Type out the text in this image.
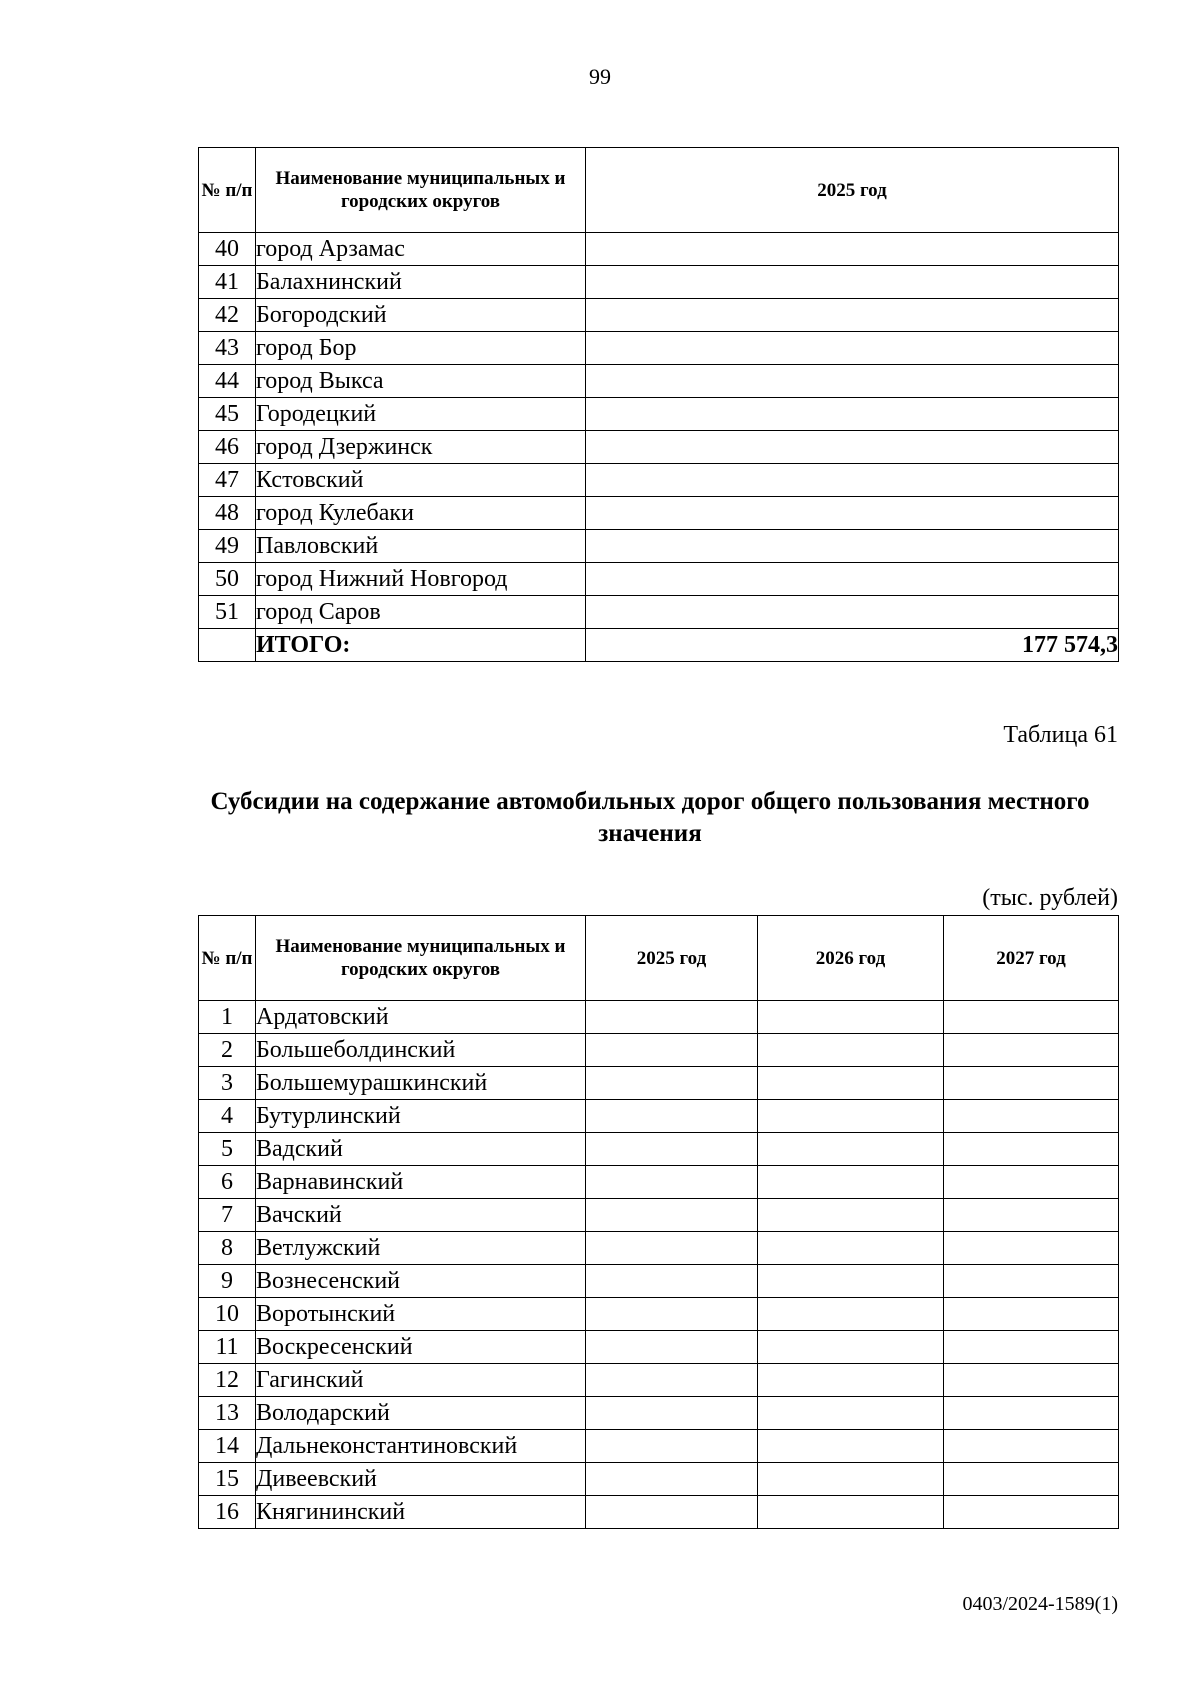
99
№ п/п	Наименование муниципальных и городских округов	2025 год
40	город Арзамас	
41	Балахнинский	
42	Богородский	
43	город Бор	
44	город Выкса	
45	Городецкий	
46	город Дзержинск	
47	Кстовский	
48	город Кулебаки	
49	Павловский	
50	город Нижний Новгород	
51	город Саров	
	ИТОГО:	177 574,3
Таблица 61
Субсидии на содержание автомобильных дорог общего пользования местного значения
(тыс. рублей)
№ п/п	Наименование муниципальных и городских округов	2025 год	2026 год	2027 год
1	Ардатовский			
2	Большеболдинский			
3	Большемурашкинский			
4	Бутурлинский			
5	Вадский			
6	Варнавинский			
7	Вачский			
8	Ветлужский			
9	Вознесенский			
10	Воротынский			
11	Воскресенский			
12	Гагинский			
13	Володарский			
14	Дальнеконстантиновский			
15	Дивеевский			
16	Княгининский			
0403/2024-1589(1)
